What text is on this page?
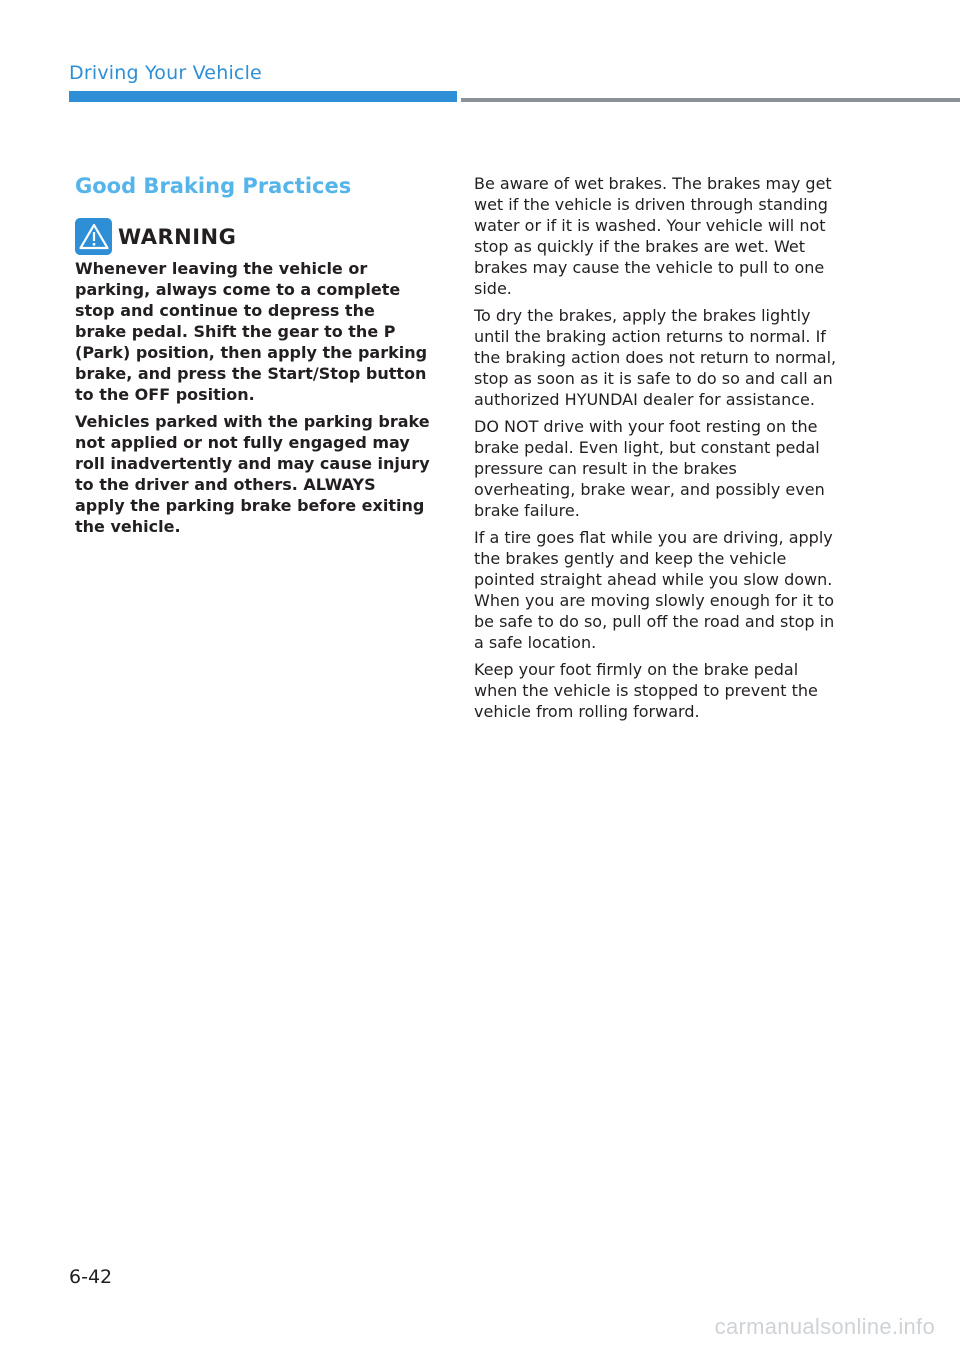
Driving Your Vehicle
Good Braking Practices
WARNING

Whenever leaving the vehicle or parking, always come to a complete stop and continue to depress the brake pedal. Shift the gear to the P (Park) position, then apply the parking brake, and press the Start/Stop button to the OFF position.

Vehicles parked with the parking brake not applied or not fully engaged may roll inadvertently and may cause injury to the driver and others. ALWAYS apply the parking brake before exiting the vehicle.

Be aware of wet brakes. The brakes may get wet if the vehicle is driven through standing water or if it is washed. Your vehicle will not stop as quickly if the brakes are wet. Wet brakes may cause the vehicle to pull to one side.

To dry the brakes, apply the brakes lightly until the braking action returns to normal. If the braking action does not return to normal, stop as soon as it is safe to do so and call an authorized HYUNDAI dealer for assistance.

DO NOT drive with your foot resting on the brake pedal. Even light, but constant pedal pressure can result in the brakes overheating, brake wear, and possibly even brake failure.

If a tire goes flat while you are driving, apply the brakes gently and keep the vehicle pointed straight ahead while you slow down. When you are moving slowly enough for it to be safe to do so, pull off the road and stop in a safe location.

Keep your foot firmly on the brake pedal when the vehicle is stopped to prevent the vehicle from rolling forward.

6-42
carmanualsonline.info
